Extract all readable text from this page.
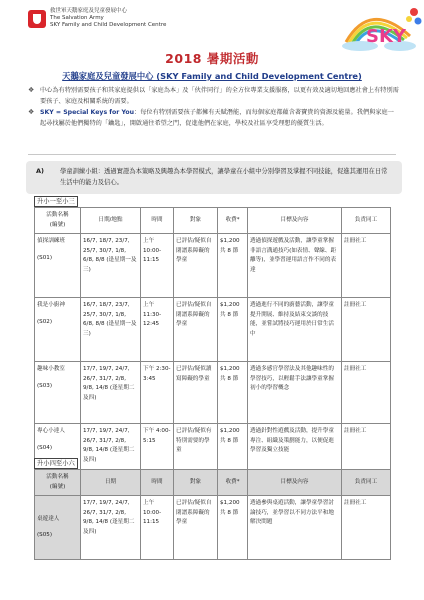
救世軍天鵝家庭及兒童發展中心
The Salvation Army
SKY Family and Child Development Centre
SKY
2018 暑期活動
天鵝家庭及兒童發展中心 (SKY Family and Child Development Centre)
❖ 中心為有特別需要孩子和其家庭提供以「家庭為本」及「伙伴同行」的全方位專業支援服務，以更有效及適切地回應社會上有特別需要孩子、家庭及相關系統的需要。
❖ SKY = Special Keys for You：每位有特別需要孩子都擁有天賦潛能，而每個家庭都蘊含著寶貴的資源及能量。我們與家庭一起尋找屬於他們獨特的「鑰匙」，開啟通往希望之門，促進他們在家庭，學校及社區享受理想的優質生活。
A)	學童訓練小組：透過實證為本策略及興趣為本學習模式，讓學童在小組中分別學習及掌握不同技能，促進其運用在日常生活中的能力及信心。
升小一至小三
活動名稱
(編號)	日期/地點	時間	對象	收費*	目標及內容	負責同工
偵探訓練班
(S01)	16/7, 18/7, 23/7, 25/7, 30/7, 1/8, 6/8, 8/8 (逢星期一及三)	上午 10:00-11:15	已評估/疑似自閉譜系障礙的學童	$1,200 共 8 節	透過偵探遊戲及活動，讓學童掌握非語言溝通技巧(如表情、聲線、距離等)，並學習運用語言作不同的表達	註冊社工
我是小廚神
(S02)	16/7, 18/7, 23/7, 25/7, 30/7, 1/8, 6/8, 8/8 (逢星期一及三)	上午 11:30-12:45	已評估/疑似自閉譜系障礙的學童	$1,200 共 8 節	透過進行不同的廚藝活動，讓學童提升開展、維持及結束交談的技能，並嘗試將技巧運用於日常生活中	註冊社工
趣味小教室
(S03)	17/7, 19/7, 24/7, 26/7, 31/7, 2/8, 9/8, 14/8 (逢星期二及四)	下午 2:30-3:45	已評估/疑似讀寫障礙的學童	$1,200 共 8 節	透過多感官學習法及其他趣味性的學習技巧，以輕鬆手法讓學童掌握初小的學習概念	註冊社工
專心小達人
(S04)	17/7, 19/7, 24/7, 26/7, 31/7, 2/8, 9/8, 14/8 (逢星期二及四)	下午 4:00-5:15	已評估/疑似有特別需要的學童	$1,200 共 8 節	透過針對性遊戲及活動，提升學童專注、組織及策劃能力，以便促進學習及獨立技能	註冊社工
升小四至小六
活動名稱
(編號)	日期	時間	對象	收費*	目標及內容	負責同工
桌遊達人
(S05)	17/7, 19/7, 24/7, 26/7, 31/7, 2/8, 9/8, 14/8 (逢星期二及四)	上午 10:00-11:15	已評估/疑似自閉譜系障礙的學童	$1,200 共 8 節	透過參與桌遊活動，讓學童學習討論技巧，並學習以不同方法平和地解決問題	註冊社工
